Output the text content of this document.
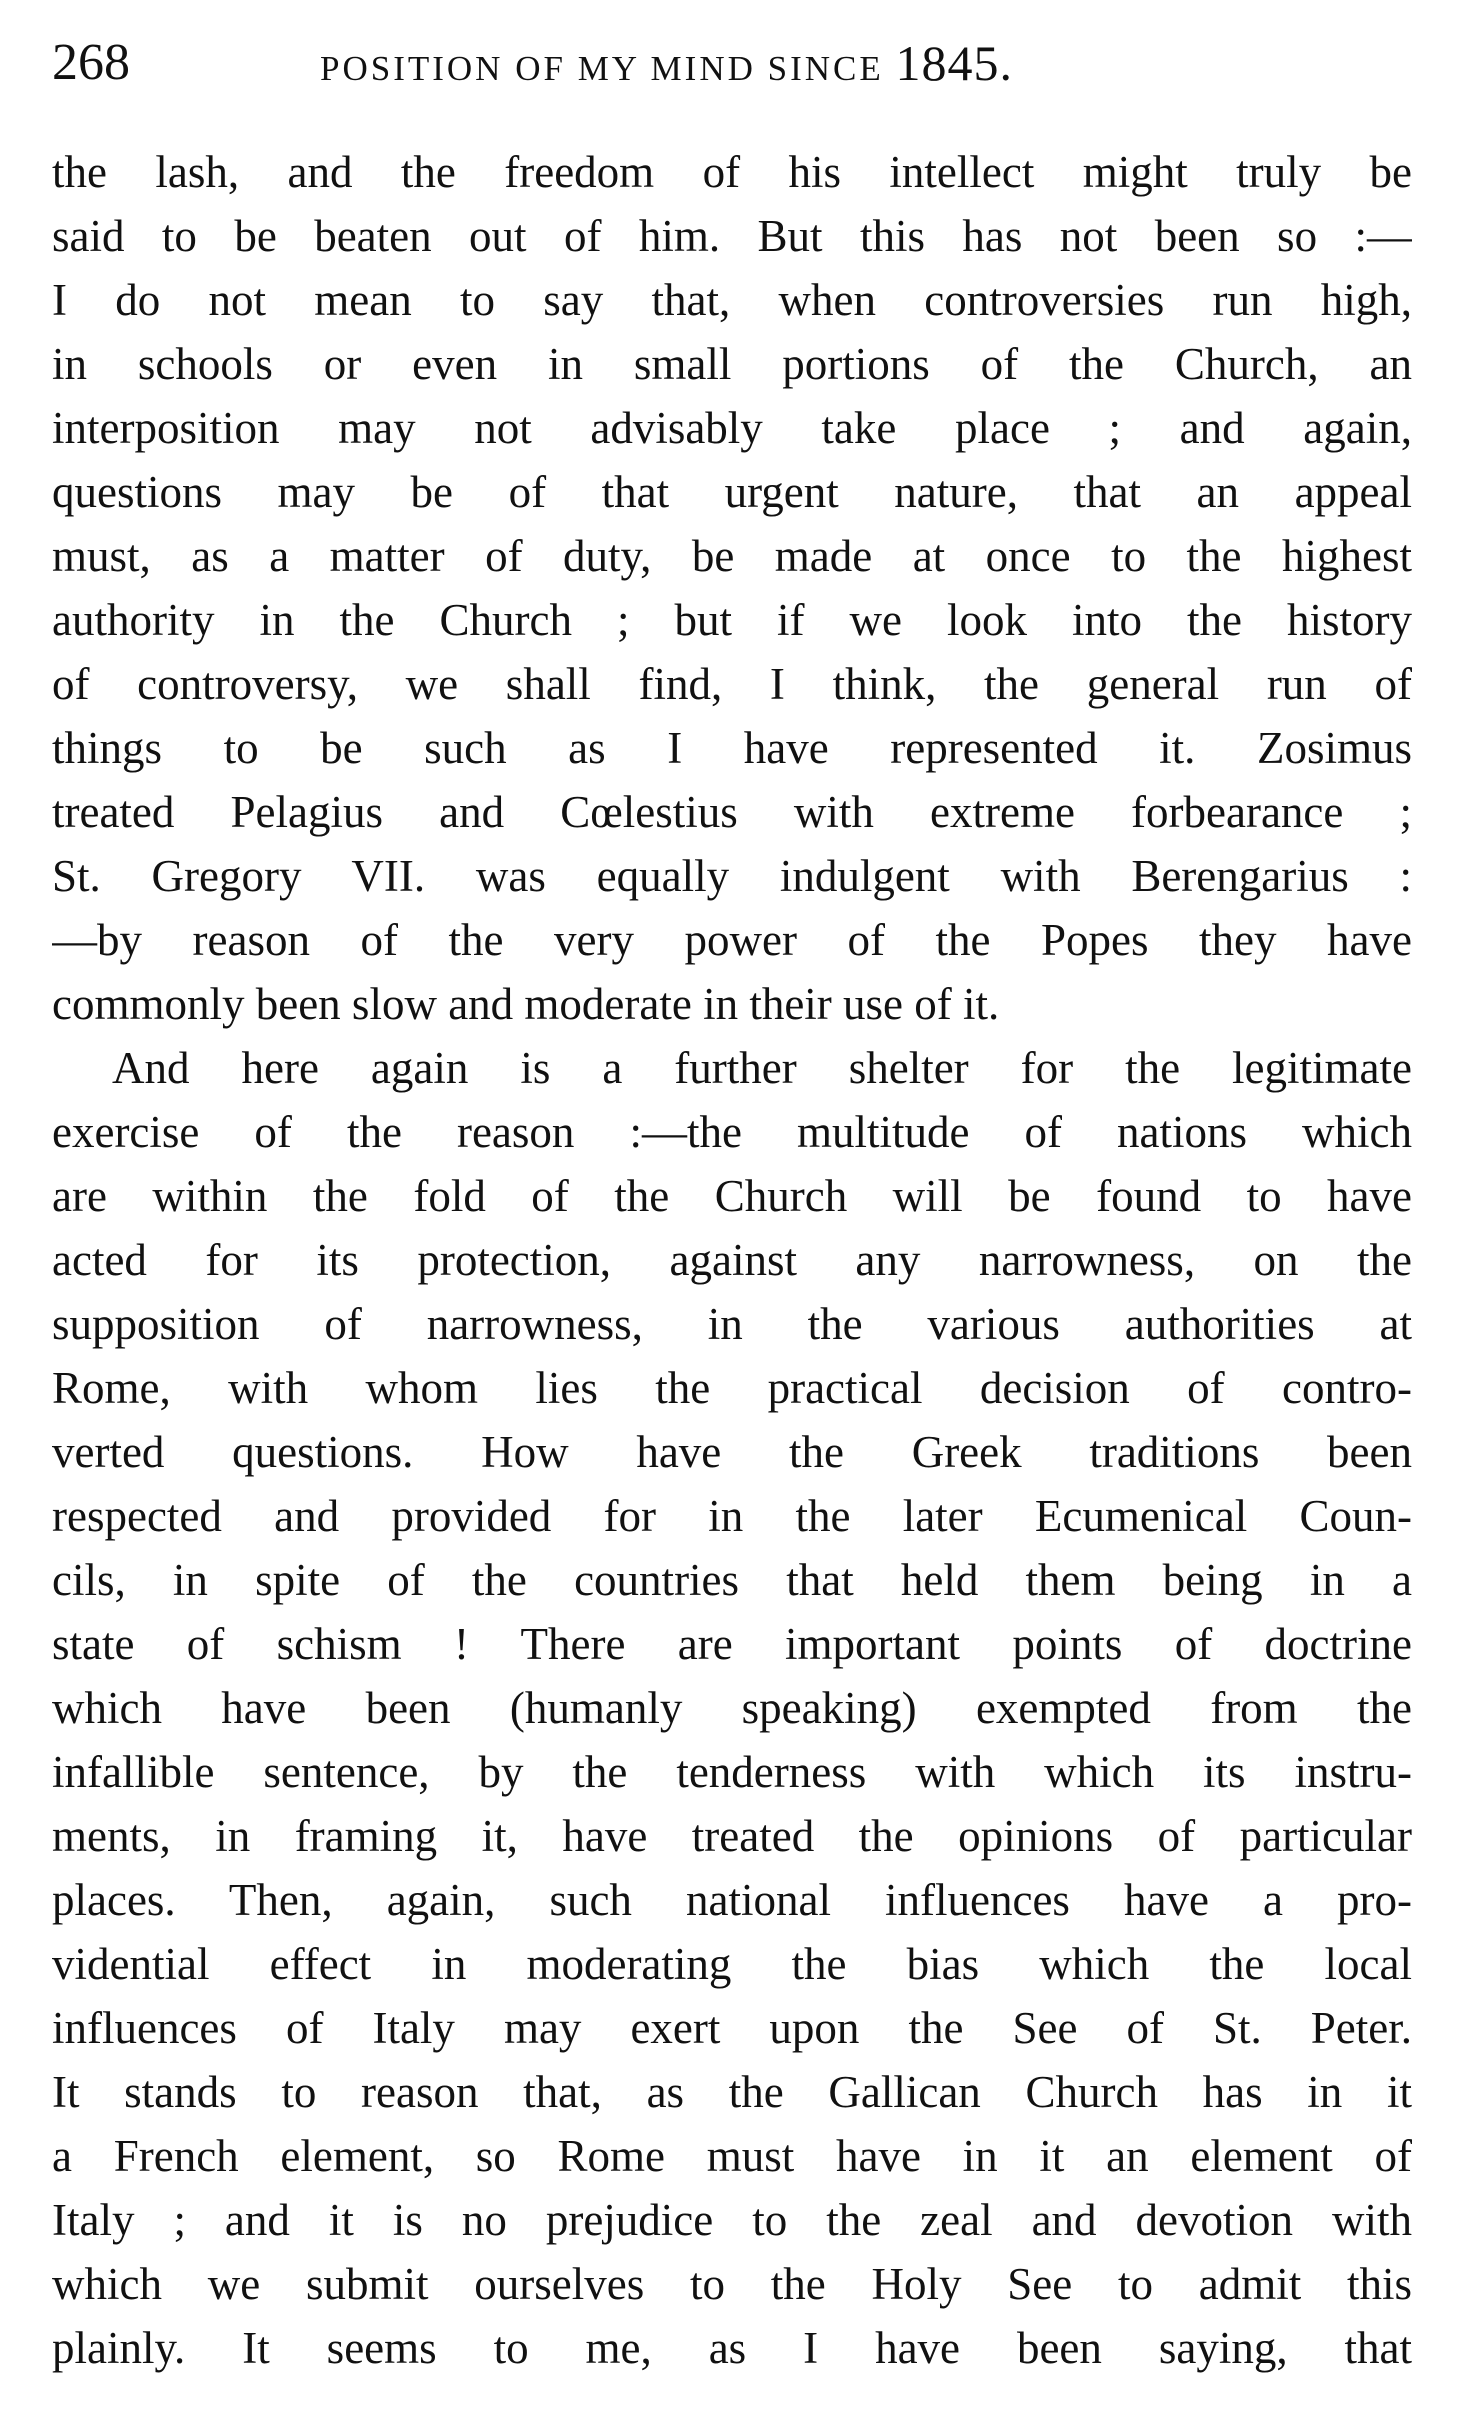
268	POSITION OF MY MIND SINCE 1845.
the lash, and the freedom of his intellect might truly be
said to be beaten out of him. But this has not been so :—
I do not mean to say that, when controversies run high,
in schools or even in small portions of the Church, an
interposition may not advisably take place ; and again,
questions may be of that urgent nature, that an appeal
must, as a matter of duty, be made at once to the highest
authority in the Church ; but if we look into the history
of controversy, we shall find, I think, the general run of
things to be such as I have represented it. Zosimus
treated Pelagius and Cœlestius with extreme forbearance ;
St. Gregory VII. was equally indulgent with Berengarius :
—by reason of the very power of the Popes they have
commonly been slow and moderate in their use of it.
And here again is a further shelter for the legitimate
exercise of the reason :—the multitude of nations which
are within the fold of the Church will be found to have
acted for its protection, against any narrowness, on the
supposition of narrowness, in the various authorities at
Rome, with whom lies the practical decision of contro-
verted questions. How have the Greek traditions been
respected and provided for in the later Ecumenical Coun-
cils, in spite of the countries that held them being in a
state of schism ! There are important points of doctrine
which have been (humanly speaking) exempted from the
infallible sentence, by the tenderness with which its instru-
ments, in framing it, have treated the opinions of particular
places. Then, again, such national influences have a pro-
vidential effect in moderating the bias which the local
influences of Italy may exert upon the See of St. Peter.
It stands to reason that, as the Gallican Church has in it
a French element, so Rome must have in it an element of
Italy ; and it is no prejudice to the zeal and devotion with
which we submit ourselves to the Holy See to admit this
plainly. It seems to me, as I have been saying, that
